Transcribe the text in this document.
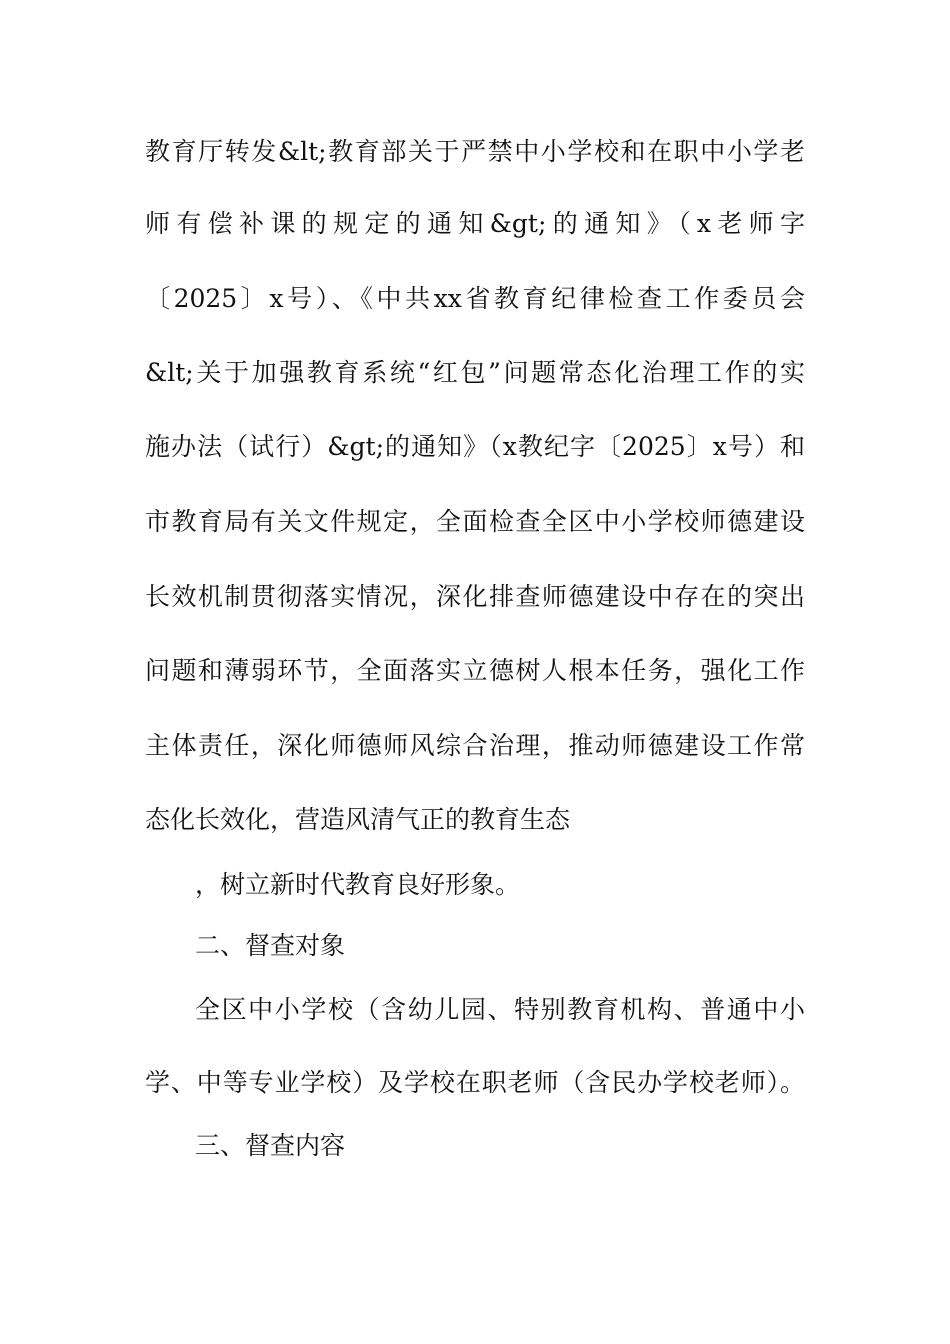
教育厅转发&lt;教育部关于严禁中小学校和在职中小学老
师有偿补课的规定的通知&gt;的通知》（x老师字
〔2025〕x号）、《中共xx省教育纪律检查工作委员会
&lt;关于加强教育系统“红包”问题常态化治理工作的实
施办法（试行）&gt;的通知》（x教纪字〔2025〕x号）和
市教育局有关文件规定，全面检查全区中小学校师德建设
长效机制贯彻落实情况，深化排查师德建设中存在的突出
问题和薄弱环节，全面落实立德树人根本任务，强化工作
主体责任，深化师德师风综合治理，推动师德建设工作常
态化长效化，营造风清气正的教育生态
，树立新时代教育良好形象。
二、督查对象
全区中小学校（含幼儿园、特别教育机构、普通中小
学、中等专业学校）及学校在职老师（含民办学校老师）。
三、督查内容
